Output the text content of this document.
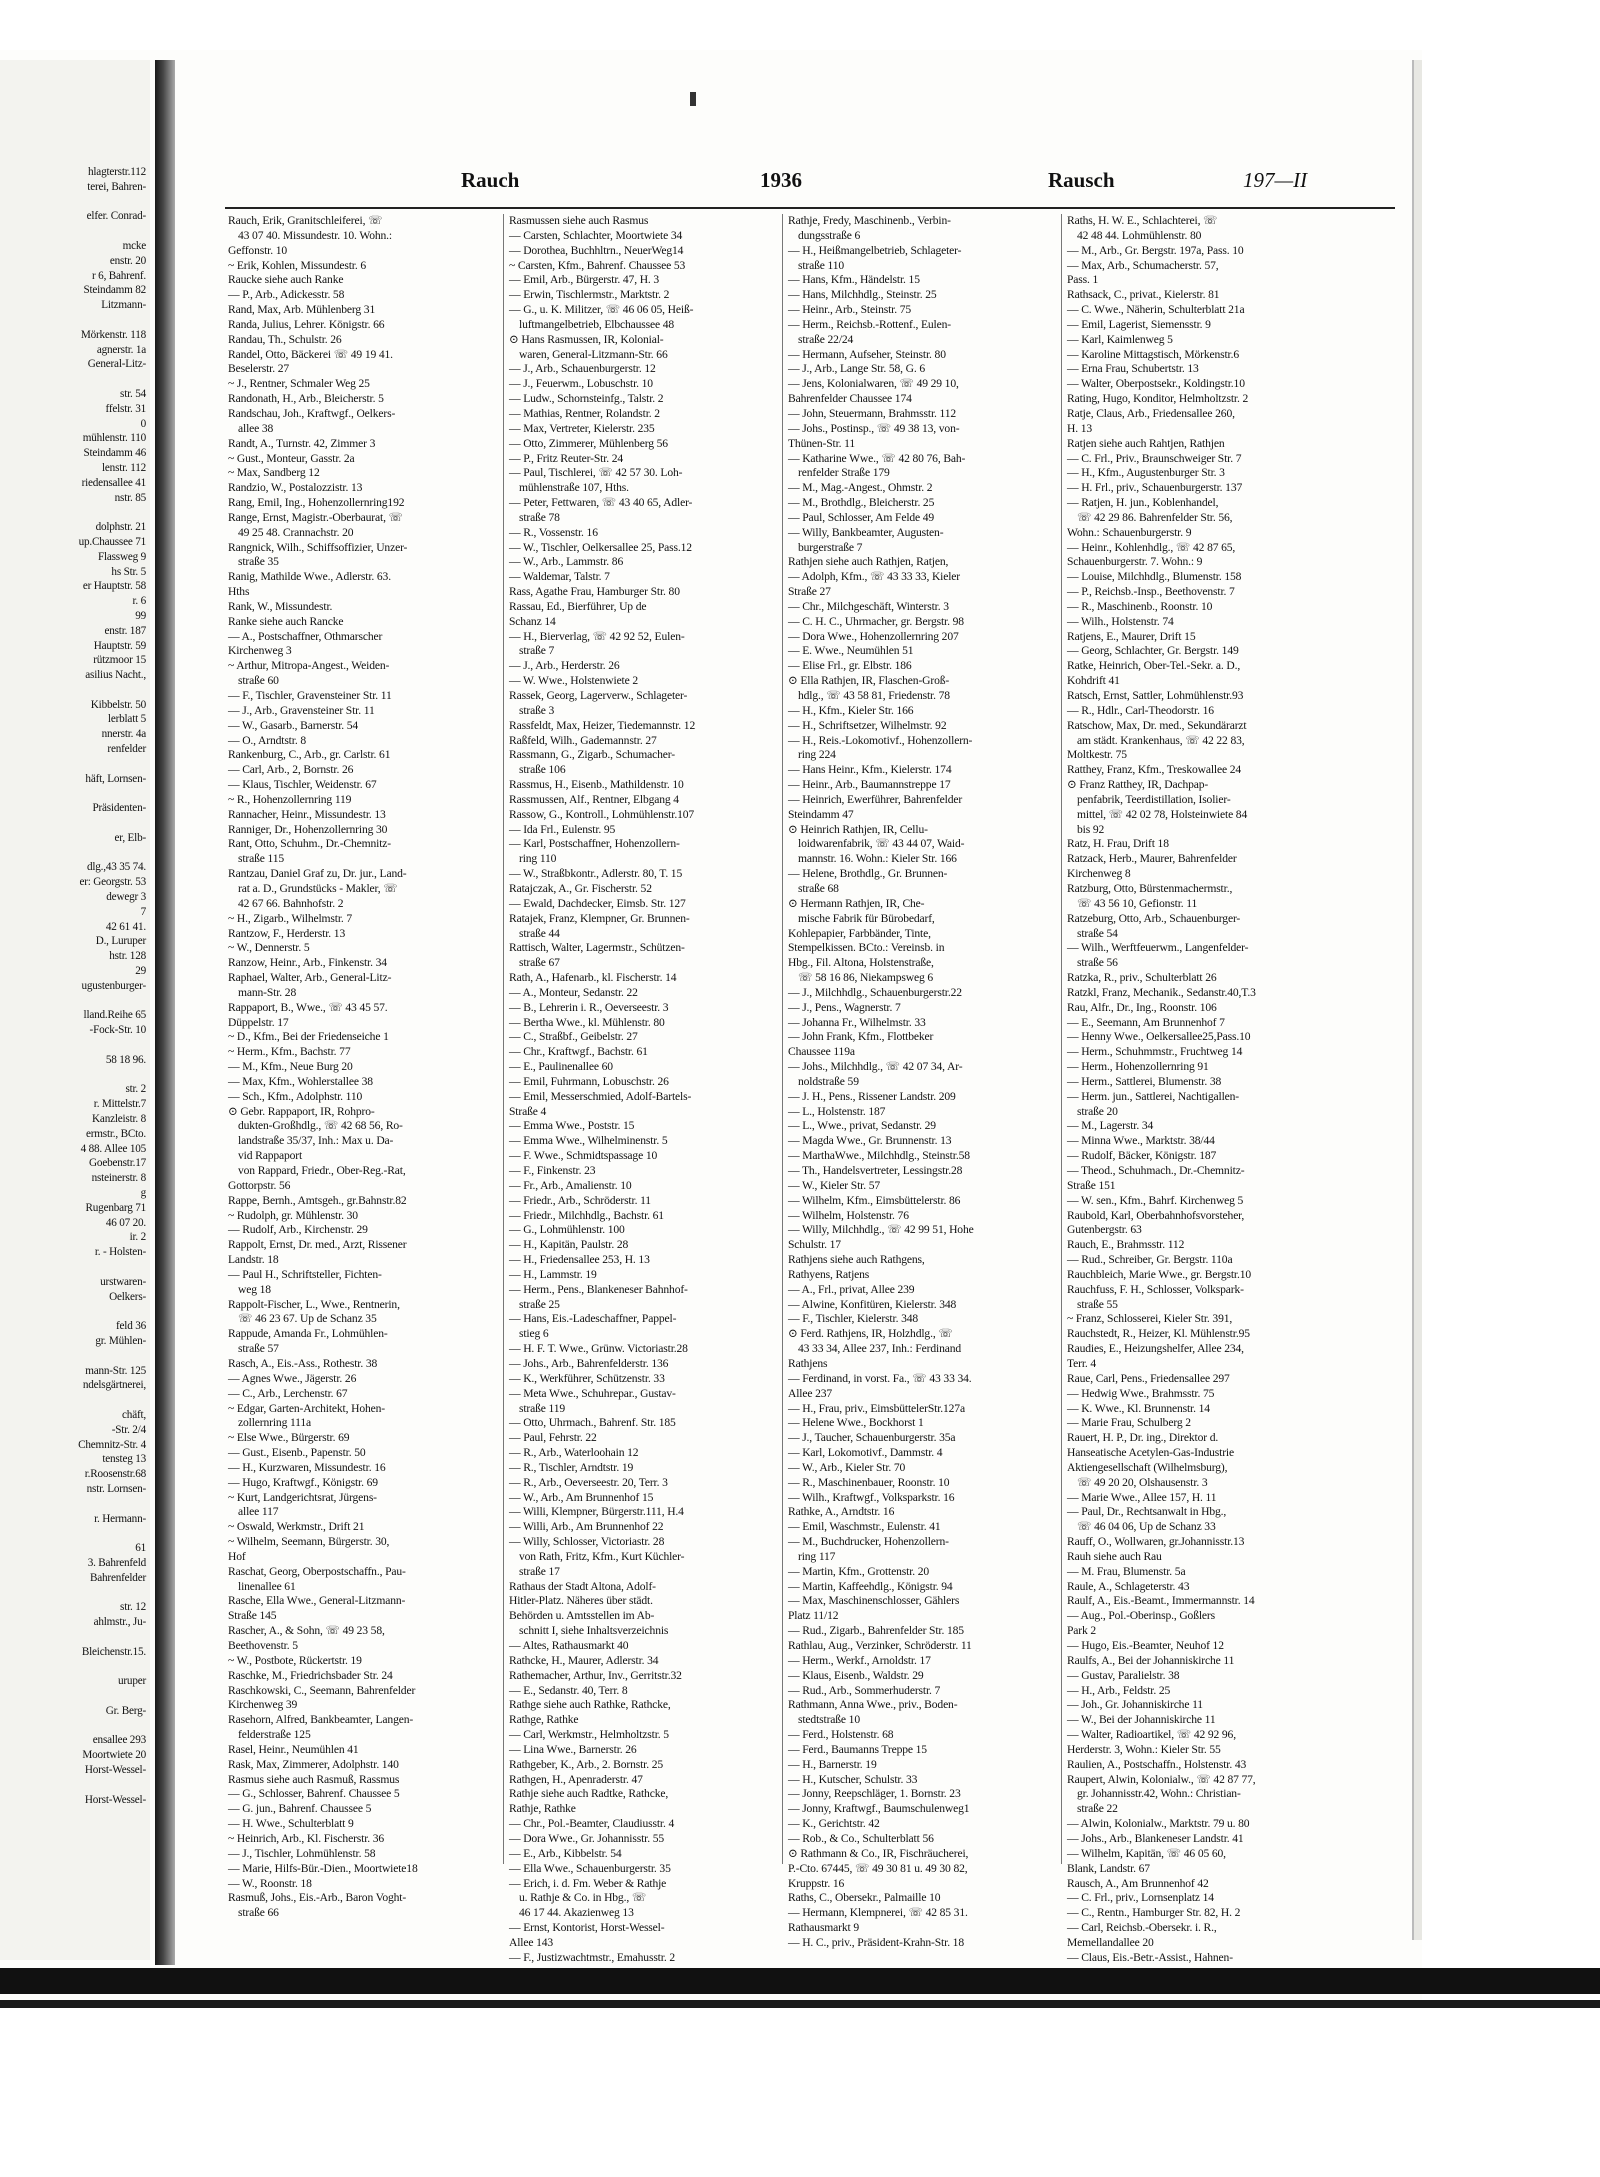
hlagterstr.112
terei, Bahren-

elfer. Conrad-

mcke
enstr. 20
r 6, Bahrenf.
Steindamm 82
Litzmann-

Mörkenstr. 118
agnerstr. 1a
General-Litz-

str. 54
ffelstr. 31
0
mühlenstr. 110
Steindamm 46
lenstr. 112
riedensallee 41
nstr. 85

dolphstr. 21
up.Chaussee 71
Flassweg 9
hs Str. 5
er Hauptstr. 58
r. 6
99
enstr. 187
Hauptstr. 59
rützmoor 15
asilius Nacht.,

Kibbelstr. 50
lerblatt 5
nnerstr. 4a
renfelder

häft, Lornsen-

Präsidenten-

er, Elb-

dlg.,43 35 74.
er: Georgstr. 53
dewegr 3
7
42 61 41.
D., Luruper
hstr. 128
29
ugustenburger-

lland.Reihe 65
-Fock-Str. 10

58 18 96.

str. 2
r. Mittelstr.7
Kanzleistr. 8
ermstr., BCto.
4 88. Allee 105
Goebenstr.17
nsteinerstr. 8
g
Rugenbarg 71
46 07 20.
ir. 2
r. - Holsten-

urstwaren-
Oelkers-

feld 36
gr. Mühlen-

mann-Str. 125
ndelsgärtnerei,

chäft,
-Str. 2/4
Chemnitz-Str. 4
tensteg 13
r.Roosenstr.68
nstr. Lornsen-

r. Hermann-

61
3. Bahrenfeld
Bahrenfelder

str. 12
ahlmstr., Ju-

Bleichenstr.15.

uruper

Gr. Berg-

ensallee 293
Moortwiete 20
Horst-Wessel-

Horst-Wessel-
Rauch	1936	Rausch	197—II
Rauch, Erik, Granitschleiferei, ☏
43 07 40. Missundestr. 10. Wohn.:
Geffonstr. 10
~ Erik, Kohlen, Missundestr. 6
Raucke siehe auch Ranke
— P., Arb., Adickesstr. 58
Rand, Max, Arb. Mühlenberg 31
Randa, Julius, Lehrer. Königstr. 66
Randau, Th., Schulstr. 26
Randel, Otto, Bäckerei ☏ 49 19 41.
Beselerstr. 27
~ J., Rentner, Schmaler Weg 25
Randonath, H., Arb., Bleicherstr. 5
Randschau, Joh., Kraftwgf., Oelkers-
allee 38
Randt, A., Turnstr. 42, Zimmer 3
~ Gust., Monteur, Gasstr. 2a
~ Max, Sandberg 12
Randzio, W., Postalozzistr. 13
Rang, Emil, Ing., Hohenzollernring192
Range, Ernst, Magistr.-Oberbaurat, ☏
49 25 48. Crannachstr. 20
Rangnick, Wilh., Schiffsoffizier, Unzer-
straße 35
Ranig, Mathilde Wwe., Adlerstr. 63.
Hths
Rank, W., Missundestr.
Ranke siehe auch Rancke
— A., Postschaffner, Othmarscher
Kirchenweg 3
~ Arthur, Mitropa-Angest., Weiden-
straße 60
— F., Tischler, Gravensteiner Str. 11
— J., Arb., Gravensteiner Str. 11
— W., Gasarb., Barnerstr. 54
— O., Arndtstr. 8
Rankenburg, C., Arb., gr. Carlstr. 61
— Carl, Arb., 2, Bornstr. 26
— Klaus, Tischler, Weidenstr. 67
~ R., Hohenzollernring 119
Rannacher, Heinr., Missundestr. 13
Ranniger, Dr., Hohenzollernring 30
Rant, Otto, Schuhm., Dr.-Chemnitz-
straße 115
Rantzau, Daniel Graf zu, Dr. jur., Land-
rat a. D., Grundstücks - Makler, ☏
42 67 66. Bahnhofstr. 2
~ H., Zigarb., Wilhelmstr. 7
Rantzow, F., Herderstr. 13
~ W., Dennerstr. 5
Ranzow, Heinr., Arb., Finkenstr. 34
Raphael, Walter, Arb., General-Litz-
mann-Str. 28
Rappaport, B., Wwe., ☏ 43 45 57.
Düppelstr. 17
~ D., Kfm., Bei der Friedenseiche 1
~ Herm., Kfm., Bachstr. 77
— M., Kfm., Neue Burg 20
— Max, Kfm., Wohlerstallee 38
— Sch., Kfm., Adolphstr. 110
⊙ Gebr. Rappaport, IR, Rohpro-
dukten-Großhdlg., ☏ 42 68 56, Ro-
landstraße 35/37, Inh.: Max u. Da-
vid Rappaport
von Rappard, Friedr., Ober-Reg.-Rat,
Gottorpstr. 56
Rappe, Bernh., Amtsgeh., gr.Bahnstr.82
~ Rudolph, gr. Mühlenstr. 30
— Rudolf, Arb., Kirchenstr. 29
Rappolt, Ernst, Dr. med., Arzt, Rissener
Landstr. 18
— Paul H., Schriftsteller, Fichten-
weg 18
Rappolt-Fischer, L., Wwe., Rentnerin,
☏ 46 23 67. Up de Schanz 35
Rappude, Amanda Fr., Lohmühlen-
straße 57
Rasch, A., Eis.-Ass., Rothestr. 38
— Agnes Wwe., Jägerstr. 26
— C., Arb., Lerchenstr. 67
~ Edgar, Garten-Architekt, Hohen-
zollernring 111a
~ Else Wwe., Bürgerstr. 69
— Gust., Eisenb., Papenstr. 50
— H., Kurzwaren, Missundestr. 16
— Hugo, Kraftwgf., Königstr. 69
~ Kurt, Landgerichtsrat, Jürgens-
allee 117
~ Oswald, Werkmstr., Drift 21
~ Wilhelm, Seemann, Bürgerstr. 30,
Hof
Raschat, Georg, Oberpostschaffn., Pau-
linenallee 61
Rasche, Ella Wwe., General-Litzmann-
Straße 145
Rascher, A., & Sohn, ☏ 49 23 58,
Beethovenstr. 5
~ W., Postbote, Rückertstr. 19
Raschke, M., Friedrichsbader Str. 24
Raschkowski, C., Seemann, Bahrenfelder
Kirchenweg 39
Rasehorn, Alfred, Bankbeamter, Langen-
felderstraße 125
Rasel, Heinr., Neumühlen 41
Rask, Max, Zimmerer, Adolphstr. 140
Rasmus siehe auch Rasmuß, Rassmus
— G., Schlosser, Bahrenf. Chaussee 5
— G. jun., Bahrenf. Chaussee 5
— H. Wwe., Schulterblatt 9
~ Heinrich, Arb., Kl. Fischerstr. 36
— J., Tischler, Lohmühlenstr. 58
— Marie, Hilfs-Bür.-Dien., Moortwiete18
— W., Roonstr. 18
Rasmuß, Johs., Eis.-Arb., Baron Voght-
straße 66
Rasmussen siehe auch Rasmus
— Carsten, Schlachter, Moortwiete 34
— Dorothea, Buchhltrn., NeuerWeg14
~ Carsten, Kfm., Bahrenf. Chaussee 53
— Emil, Arb., Bürgerstr. 47, H. 3
— Erwin, Tischlermstr., Marktstr. 2
— G., u. K. Militzer, ☏ 46 06 05, Heiß-
luftmangelbetrieb, Elbchaussee 48
⊙ Hans Rasmussen, IR, Kolonial-
waren, General-Litzmann-Str. 66
— J., Arb., Schauenburgerstr. 12
— J., Feuerwm., Lobuschstr. 10
— Ludw., Schornsteinfg., Talstr. 2
— Mathias, Rentner, Rolandstr. 2
— Max, Vertreter, Kielerstr. 235
— Otto, Zimmerer, Mühlenberg 56
— P., Fritz Reuter-Str. 24
— Paul, Tischlerei, ☏ 42 57 30. Loh-
mühlenstraße 107, Hths.
— Peter, Fettwaren, ☏ 43 40 65, Adler-
straße 78
— R., Vossenstr. 16
— W., Tischler, Oelkersallee 25, Pass.12
— W., Arb., Lammstr. 86
— Waldemar, Talstr. 7
Rass, Agathe Frau, Hamburger Str. 80
Rassau, Ed., Bierführer, Up de
Schanz 14
— H., Bierverlag, ☏ 42 92 52, Eulen-
straße 7
— J., Arb., Herderstr. 26
— W. Wwe., Holstenwiete 2
Rassek, Georg, Lagerverw., Schlageter-
straße 3
Rassfeldt, Max, Heizer, Tiedemannstr. 12
Raßfeld, Wilh., Gademannstr. 27
Rassmann, G., Zigarb., Schumacher-
straße 106
Rassmus, H., Eisenb., Mathildenstr. 10
Rassmussen, Alf., Rentner, Elbgang 4
Rassow, G., Kontroll., Lohmühlenstr.107
— Ida Frl., Eulenstr. 95
— Karl, Postschaffner, Hohenzollern-
ring 110
— W., Straßbkontr., Adlerstr. 80, T. 15
Ratajczak, A., Gr. Fischerstr. 52
— Ewald, Dachdecker, Eimsb. Str. 127
Ratajek, Franz, Klempner, Gr. Brunnen-
straße 44
Rattisch, Walter, Lagermstr., Schützen-
straße 67
Rath, A., Hafenarb., kl. Fischerstr. 14
— A., Monteur, Sedanstr. 22
— B., Lehrerin i. R., Oeverseestr. 3
— Bertha Wwe., kl. Mühlenstr. 80
— C., Straßbf., Geibelstr. 27
— Chr., Kraftwgf., Bachstr. 61
— E., Paulinenallee 60
— Emil, Fuhrmann, Lobuschstr. 26
— Emil, Messerschmied, Adolf-Bartels-
Straße 4
— Emma Wwe., Poststr. 15
— Emma Wwe., Wilhelminenstr. 5
— F. Wwe., Schmidtspassage 10
— F., Finkenstr. 23
— Fr., Arb., Amalienstr. 10
— Friedr., Arb., Schröderstr. 11
— Friedr., Milchhdlg., Bachstr. 61
— G., Lohmühlenstr. 100
— H., Kapitän, Paulstr. 28
— H., Friedensallee 253, H. 13
— H., Lammstr. 19
— Herm., Pens., Blankeneser Bahnhof-
straße 25
— Hans, Eis.-Ladeschaffner, Pappel-
stieg 6
— H. F. T. Wwe., Grünw. Victoriastr.28
— Johs., Arb., Bahrenfelderstr. 136
— K., Werkführer, Schützenstr. 33
— Meta Wwe., Schuhrepar., Gustav-
straße 119
— Otto, Uhrmach., Bahrenf. Str. 185
— Paul, Fehrstr. 22
— R., Arb., Waterloohain 12
— R., Tischler, Arndtstr. 19
— R., Arb., Oeverseestr. 20, Terr. 3
— W., Arb., Am Brunnenhof 15
— Willi, Klempner, Bürgerstr.111, H.4
— Willi, Arb., Am Brunnenhof 22
— Willy, Schlosser, Victoriastr. 28
von Rath, Fritz, Kfm., Kurt Küchler-
straße 17
Rathaus der Stadt Altona, Adolf-
Hitler-Platz. Näheres über städt.
Behörden u. Amtsstellen im Ab-
schnitt I, siehe Inhaltsverzeichnis
— Altes, Rathausmarkt 40
Rathcke, H., Maurer, Adlerstr. 34
Rathemacher, Arthur, Inv., Gerritstr.32
— E., Sedanstr. 40, Terr. 8
Rathge siehe auch Rathke, Rathcke,
Rathge, Rathke
— Carl, Werkmstr., Helmholtzstr. 5
— Lina Wwe., Barnerstr. 26
Rathgeber, K., Arb., 2. Bornstr. 25
Rathgen, H., Apenraderstr. 47
Rathje siehe auch Radtke, Rathcke,
Rathje, Rathke
— Chr., Pol.-Beamter, Claudiusstr. 4
— Dora Wwe., Gr. Johannisstr. 55
— E., Arb., Kibbelstr. 54
— Ella Wwe., Schauenburgerstr. 35
— Erich, i. d. Fm. Weber & Rathje
u. Rathje & Co. in Hbg., ☏
46 17 44. Akazienweg 13
— Ernst, Kontorist, Horst-Wessel-
Allee 143
— F., Justizwachtmstr., Emahusstr. 2
Rathje, Fredy, Maschinenb., Verbin-
dungsstraße 6
— H., Heißmangelbetrieb, Schlageter-
straße 110
— Hans, Kfm., Händelstr. 15
— Hans, Milchhdlg., Steinstr. 25
— Heinr., Arb., Steinstr. 75
— Herm., Reichsb.-Rottenf., Eulen-
straße 22/24
— Hermann, Aufseher, Steinstr. 80
— J., Arb., Lange Str. 58, G. 6
— Jens, Kolonialwaren, ☏ 49 29 10,
Bahrenfelder Chaussee 174
— John, Steuermann, Brahmsstr. 112
— Johs., Postinsp., ☏ 49 38 13, von-
Thünen-Str. 11
— Katharine Wwe., ☏ 42 80 76, Bah-
renfelder Straße 179
— M., Mag.-Angest., Ohmstr. 2
— M., Brothdlg., Bleicherstr. 25
— Paul, Schlosser, Am Felde 49
— Willy, Bankbeamter, Augusten-
burgerstraße 7
Rathjen siehe auch Rathjen, Ratjen,
— Adolph, Kfm., ☏ 43 33 33, Kieler
Straße 27
— Chr., Milchgeschäft, Winterstr. 3
— C. H. C., Uhrmacher, gr. Bergstr. 98
— Dora Wwe., Hohenzollernring 207
— E. Wwe., Neumühlen 51
— Elise Frl., gr. Elbstr. 186
⊙ Ella Rathjen, IR, Flaschen-Groß-
hdlg., ☏ 43 58 81, Friedenstr. 78
— H., Kfm., Kieler Str. 166
— H., Schriftsetzer, Wilhelmstr. 92
— H., Reis.-Lokomotivf., Hohenzollern-
ring 224
— Hans Heinr., Kfm., Kielerstr. 174
— Heinr., Arb., Baumannstreppe 17
— Heinrich, Ewerführer, Bahrenfelder
Steindamm 47
⊙ Heinrich Rathjen, IR, Cellu-
loidwarenfabrik, ☏ 43 44 07, Waid-
mannstr. 16. Wohn.: Kieler Str. 166
— Helene, Brothdlg., Gr. Brunnen-
straße 68
⊙ Hermann Rathjen, IR, Che-
mische Fabrik für Bürobedarf,
Kohlepapier, Farbbänder, Tinte,
Stempelkissen. BCto.: Vereinsb. in
Hbg., Fil. Altona, Holstenstraße,
☏ 58 16 86, Niekampsweg 6
— J., Milchhdlg., Schauenburgerstr.22
— J., Pens., Wagnerstr. 7
— Johanna Fr., Wilhelmstr. 33
— John Frank, Kfm., Flottbeker
Chaussee 119a
— Johs., Milchhdlg., ☏ 42 07 34, Ar-
noldstraße 59
— J. H., Pens., Rissener Landstr. 209
— L., Holstenstr. 187
— L., Wwe., privat, Sedanstr. 29
— Magda Wwe., Gr. Brunnenstr. 13
— MarthaWwe., Milchhdlg., Steinstr.58
— Th., Handelsvertreter, Lessingstr.28
— W., Kieler Str. 57
— Wilhelm, Kfm., Eimsbüttelerstr. 86
— Wilhelm, Holstenstr. 76
— Willy, Milchhdlg., ☏ 42 99 51, Hohe
Schulstr. 17
Rathjens siehe auch Rathgens,
Rathyens, Ratjens
— A., Frl., privat, Allee 239
— Alwine, Konfitüren, Kielerstr. 348
— F., Tischler, Kielerstr. 348
⊙ Ferd. Rathjens, IR, Holzhdlg., ☏
43 33 34, Allee 237, Inh.: Ferdinand
Rathjens
— Ferdinand, in vorst. Fa., ☏ 43 33 34.
Allee 237
— H., Frau, priv., EimsbüttelerStr.127a
— Helene Wwe., Bockhorst 1
— J., Taucher, Schauenburgerstr. 35a
— Karl, Lokomotivf., Dammstr. 4
— W., Arb., Kieler Str. 70
— R., Maschinenbauer, Roonstr. 10
— Wilh., Kraftwgf., Volksparkstr. 16
Rathke, A., Arndtstr. 16
— Emil, Waschmstr., Eulenstr. 41
— M., Buchdrucker, Hohenzollern-
ring 117
— Martin, Kfm., Grottenstr. 20
— Martin, Kaffeehdlg., Königstr. 94
— Max, Maschinenschlosser, Gählers
Platz 11/12
— Rud., Zigarb., Bahrenfelder Str. 185
Rathlau, Aug., Verzinker, Schröderstr. 11
— Herm., Werkf., Arnoldstr. 17
— Klaus, Eisenb., Waldstr. 29
— Rud., Arb., Sommerhuderstr. 7
Rathmann, Anna Wwe., priv., Boden-
stedtstraße 10
— Ferd., Holstenstr. 68
— Ferd., Baumanns Treppe 15
— H., Barnerstr. 19
— H., Kutscher, Schulstr. 33
— Jonny, Reepschläger, 1. Bornstr. 23
— Jonny, Kraftwgf., Baumschulenweg1
— K., Gerichtstr. 42
— Rob., & Co., Schulterblatt 56
⊙ Rathmann & Co., IR, Fischräucherei,
P.-Cto. 67445, ☏ 49 30 81 u. 49 30 82,
Kruppstr. 16
Raths, C., Obersekr., Palmaille 10
— Hermann, Klempnerei, ☏ 42 85 31.
Rathausmarkt 9
— H. C., priv., Präsident-Krahn-Str. 18
Raths, H. W. E., Schlachterei, ☏
42 48 44. Lohmühlenstr. 80
— M., Arb., Gr. Bergstr. 197a, Pass. 10
— Max, Arb., Schumacherstr. 57,
Pass. 1
Rathsack, C., privat., Kielerstr. 81
— C. Wwe., Näherin, Schulterblatt 21a
— Emil, Lagerist, Siemensstr. 9
— Karl, Kaimlenweg 5
— Karoline Mittagstisch, Mörkenstr.6
— Erna Frau, Schubertstr. 13
— Walter, Oberpostsekr., Koldingstr.10
Rating, Hugo, Konditor, Helmholtzstr. 2
Ratje, Claus, Arb., Friedensallee 260,
H. 13
Ratjen siehe auch Rahtjen, Rathjen
— C. Frl., Priv., Braunschweiger Str. 7
— H., Kfm., Augustenburger Str. 3
— H. Frl., priv., Schauenburgerstr. 137
— Ratjen, H. jun., Koblenhandel,
☏ 42 29 86. Bahrenfelder Str. 56,
Wohn.: Schauenburgerstr. 9
— Heinr., Kohlenhdlg., ☏ 42 87 65,
Schauenburgerstr. 7. Wohn.: 9
— Louise, Milchhdlg., Blumenstr. 158
— P., Reichsb.-Insp., Beethovenstr. 7
— R., Maschinenb., Roonstr. 10
— Wilh., Holstenstr. 74
Ratjens, E., Maurer, Drift 15
— Georg, Schlachter, Gr. Bergstr. 149
Ratke, Heinrich, Ober-Tel.-Sekr. a. D.,
Kohdrift 41
Ratsch, Ernst, Sattler, Lohmühlenstr.93
— R., Hdlr., Carl-Theodorstr. 16
Ratschow, Max, Dr. med., Sekundärarzt
am städt. Krankenhaus, ☏ 42 22 83,
Moltkestr. 75
Ratthey, Franz, Kfm., Treskowallee 24
⊙ Franz Ratthey, IR, Dachpap-
penfabrik, Teerdistillation, Isolier-
mittel, ☏ 42 02 78, Holsteinwiete 84
bis 92
Ratz, H. Frau, Drift 18
Ratzack, Herb., Maurer, Bahrenfelder
Kirchenweg 8
Ratzburg, Otto, Bürstenmachermstr.,
☏ 43 56 10, Gefionstr. 11
Ratzeburg, Otto, Arb., Schauenburger-
straße 54
— Wilh., Werftfeuerwm., Langenfelder-
straße 56
Ratzka, R., priv., Schulterblatt 26
Ratzkl, Franz, Mechanik., Sedanstr.40,T.3
Rau, Alfr., Dr., Ing., Roonstr. 106
— E., Seemann, Am Brunnenhof 7
— Henny Wwe., Oelkersallee25,Pass.10
— Herm., Schuhmmstr., Fruchtweg 14
— Herm., Hohenzollernring 91
— Herm., Sattlerei, Blumenstr. 38
— Herm. jun., Sattlerei, Nachtigallen-
straße 20
— M., Lagerstr. 34
— Minna Wwe., Marktstr. 38/44
— Rudolf, Bäcker, Königstr. 187
— Theod., Schuhmach., Dr.-Chemnitz-
Straße 151
— W. sen., Kfm., Bahrf. Kirchenweg 5
Raubold, Karl, Oberbahnhofsvorsteher,
Gutenbergstr. 63
Rauch, E., Brahmsstr. 112
— Rud., Schreiber, Gr. Bergstr. 110a
Rauchbleich, Marie Wwe., gr. Bergstr.10
Rauchfuss, F. H., Schlosser, Volkspark-
straße 55
~ Franz, Schlosserei, Kieler Str. 391,
Rauchstedt, R., Heizer, Kl. Mühlenstr.95
Raudies, E., Heizungshelfer, Allee 234,
Terr. 4
Raue, Carl, Pens., Friedensallee 297
— Hedwig Wwe., Brahmsstr. 75
— K. Wwe., Kl. Brunnenstr. 14
— Marie Frau, Schulberg 2
Rauert, H. P., Dr. ing., Direktor d.
Hanseatische Acetylen-Gas-Industrie
Aktiengesellschaft (Wilhelmsburg),
☏ 49 20 20, Olshausenstr. 3
— Marie Wwe., Allee 157, H. 11
— Paul, Dr., Rechtsanwalt in Hbg.,
☏ 46 04 06, Up de Schanz 33
Rauff, O., Wollwaren, gr.Johannisstr.13
Rauh siehe auch Rau
— M. Frau, Blumenstr. 5a
Raule, A., Schlageterstr. 43
Raulf, A., Eis.-Beamt., Immermannstr. 14
— Aug., Pol.-Oberinsp., Goßlers
Park 2
— Hugo, Eis.-Beamter, Neuhof 12
Raulfs, A., Bei der Johanniskirche 11
— Gustav, Paralielstr. 38
— H., Arb., Feldstr. 25
— Joh., Gr. Johanniskirche 11
— W., Bei der Johanniskirche 11
— Walter, Radioartikel, ☏ 42 92 96,
Herderstr. 3, Wohn.: Kieler Str. 55
Raulien, A., Postschaffn., Holstenstr. 43
Raupert, Alwin, Kolonialw., ☏ 42 87 77,
gr. Johannisstr.42, Wohn.: Christian-
straße 22
— Alwin, Kolonialw., Marktstr. 79 u. 80
— Johs., Arb., Blankeneser Landstr. 41
— Wilhelm, Kapitän, ☏ 46 05 60,
Blank, Landstr. 67
Rausch, A., Am Brunnenhof 42
— C. Frl., priv., Lornsenplatz 14
— C., Rentn., Hamburger Str. 82, H. 2
— Carl, Reichsb.-Obersekr. i. R.,
Memellandallee 20
— Claus, Eis.-Betr.-Assist., Hahnen-
